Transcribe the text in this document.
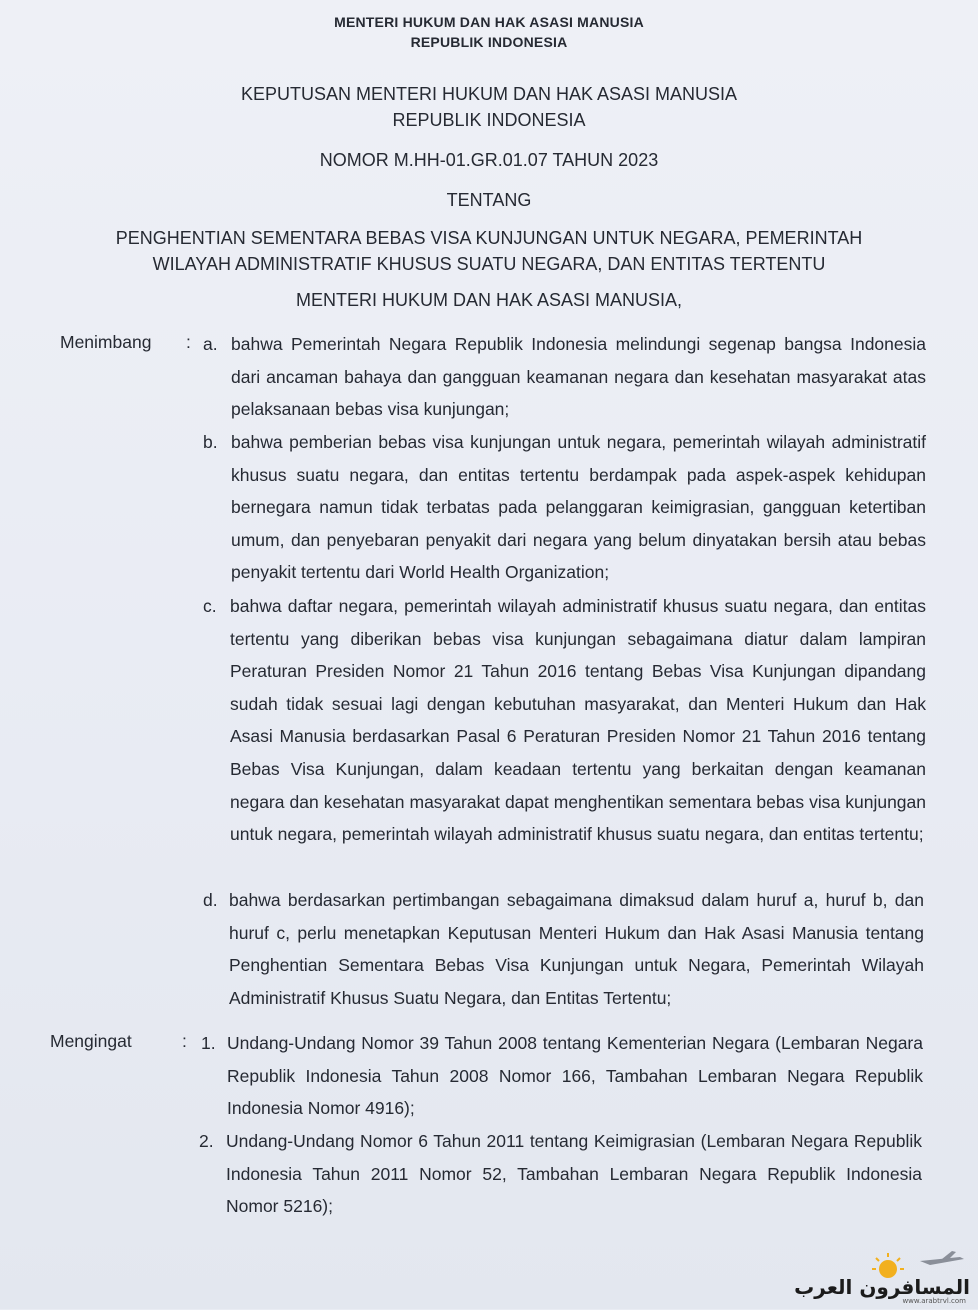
MENTERI HUKUM DAN HAK ASASI MANUSIA
REPUBLIK INDONESIA
KEPUTUSAN MENTERI HUKUM DAN HAK ASASI MANUSIA
REPUBLIK INDONESIA
NOMOR M.HH-01.GR.01.07 TAHUN 2023
TENTANG
PENGHENTIAN SEMENTARA BEBAS VISA KUNJUNGAN UNTUK NEGARA, PEMERINTAH
WILAYAH ADMINISTRATIF KHUSUS SUATU NEGARA, DAN ENTITAS TERTENTU
MENTERI HUKUM DAN HAK ASASI MANUSIA,
Menimbang : a. bahwa Pemerintah Negara Republik Indonesia melindungi segenap bangsa Indonesia dari ancaman bahaya dan gangguan keamanan negara dan kesehatan masyarakat atas pelaksanaan bebas visa kunjungan;
b. bahwa pemberian bebas visa kunjungan untuk negara, pemerintah wilayah administratif khusus suatu negara, dan entitas tertentu berdampak pada aspek-aspek kehidupan bernegara namun tidak terbatas pada pelanggaran keimigrasian, gangguan ketertiban umum, dan penyebaran penyakit dari negara yang belum dinyatakan bersih atau bebas penyakit tertentu dari World Health Organization;
c. bahwa daftar negara, pemerintah wilayah administratif khusus suatu negara, dan entitas tertentu yang diberikan bebas visa kunjungan sebagaimana diatur dalam lampiran Peraturan Presiden Nomor 21 Tahun 2016 tentang Bebas Visa Kunjungan dipandang sudah tidak sesuai lagi dengan kebutuhan masyarakat, dan Menteri Hukum dan Hak Asasi Manusia berdasarkan Pasal 6 Peraturan Presiden Nomor 21 Tahun 2016 tentang Bebas Visa Kunjungan, dalam keadaan tertentu yang berkaitan dengan keamanan negara dan kesehatan masyarakat dapat menghentikan sementara bebas visa kunjungan untuk negara, pemerintah wilayah administratif khusus suatu negara, dan entitas tertentu;
d. bahwa berdasarkan pertimbangan sebagaimana dimaksud dalam huruf a, huruf b, dan huruf c, perlu menetapkan Keputusan Menteri Hukum dan Hak Asasi Manusia tentang Penghentian Sementara Bebas Visa Kunjungan untuk Negara, Pemerintah Wilayah Administratif Khusus Suatu Negara, dan Entitas Tertentu;
Mengingat	: 1. Undang-Undang Nomor 39 Tahun 2008 tentang Kementerian Negara (Lembaran Negara Republik Indonesia Tahun 2008 Nomor 166, Tambahan Lembaran Negara Republik Indonesia Nomor 4916);
2. Undang-Undang Nomor 6 Tahun 2011 tentang Keimigrasian (Lembaran Negara Republik Indonesia Tahun 2011 Nomor 52, Tambahan Lembaran Negara Republik Indonesia Nomor 5216);
المسافرون العرب
www.arabtrvl.com
